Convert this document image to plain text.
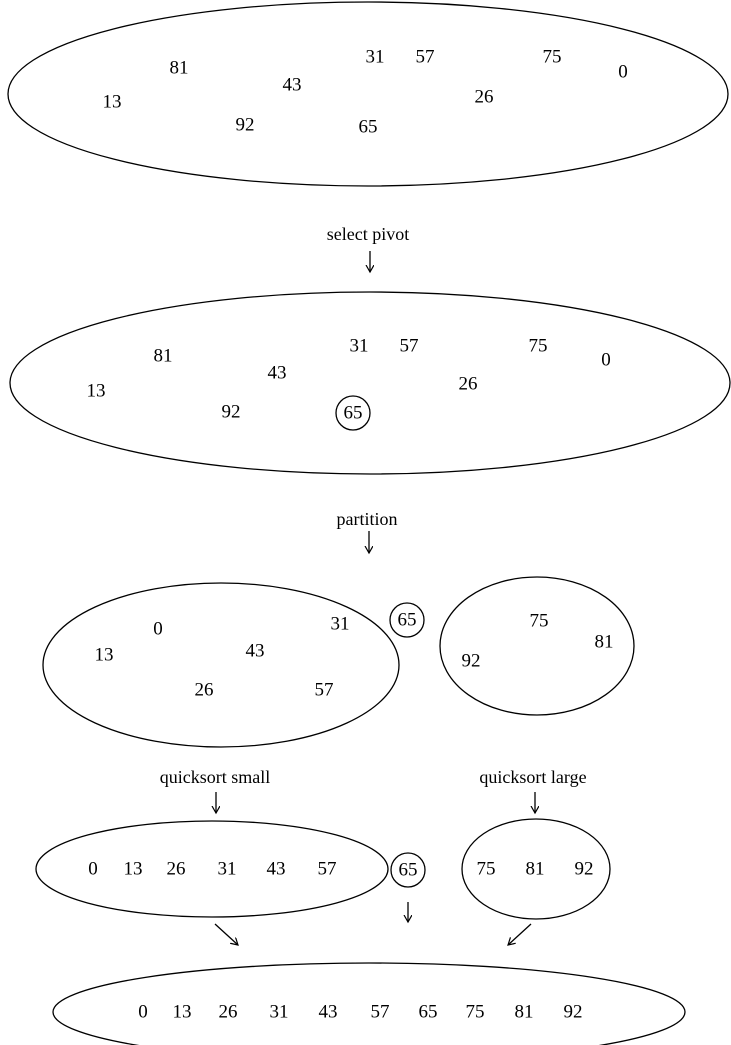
81
31 57	75
0
43
13	26
92	65
select pivot
81	31 57	75
0
43
13	26
92	65
partition
0	31
13	43
26	57
65	75
81
92
quicksort small	quicksort large
0 13 26 31 43 57	65	75 81 92
0 13 26 31 43 57 65 75 81 92
